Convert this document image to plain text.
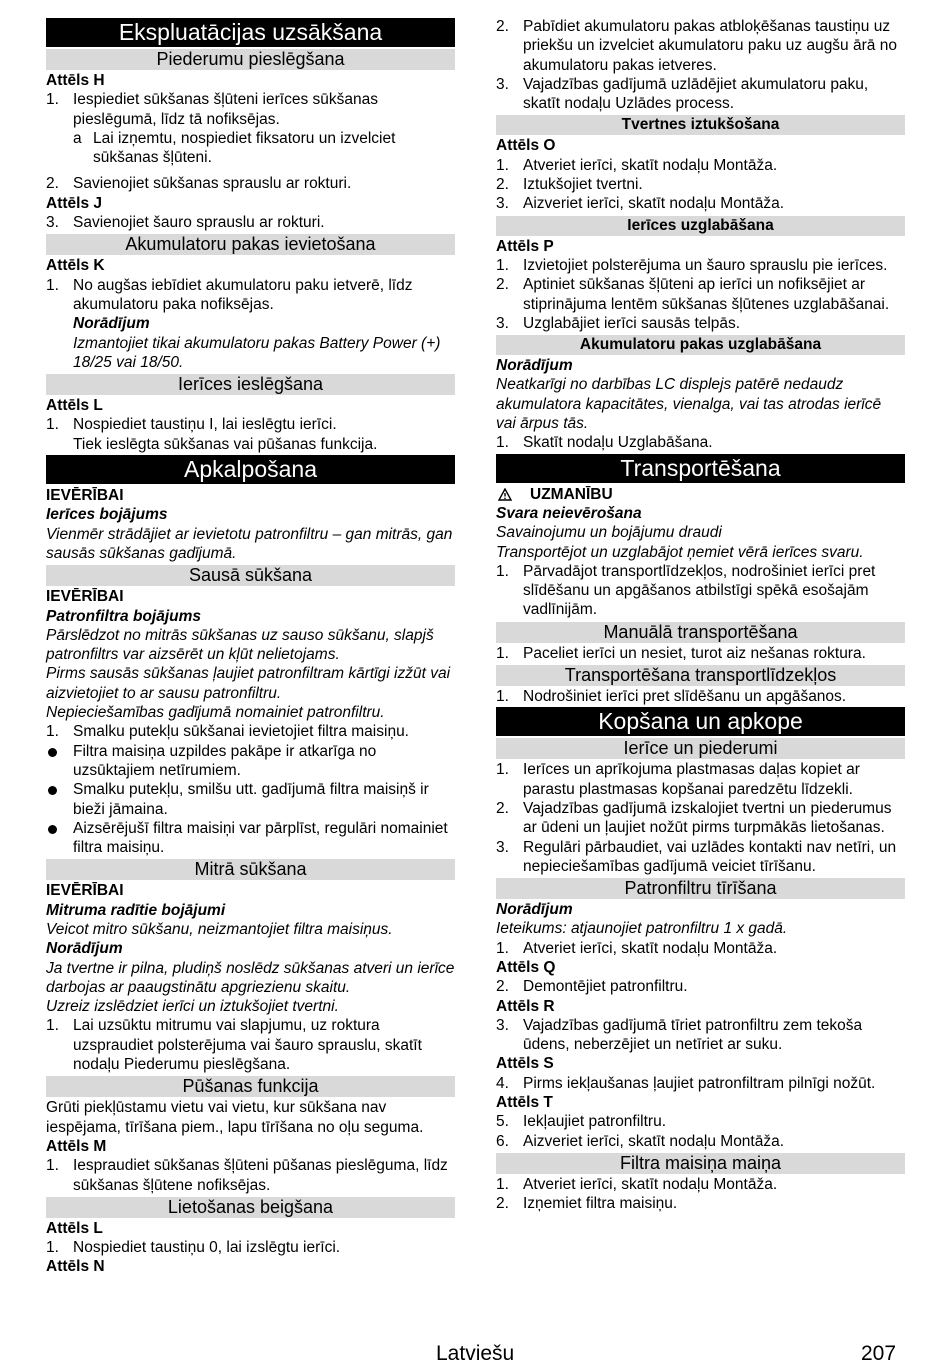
Ekspluatācijas uzsākšana
Piederumu pieslēgšana
Attēls H
1. Iespiediet sūkšanas šļūteni ierīces sūkšanas pieslēgumā, līdz tā nofiksējas.
a Lai izņemtu, nospiediet fiksatoru un izvelciet sūkšanas šļūteni.
2. Savienojiet sūkšanas sprauslu ar rokturi.
Attēls J
3. Savienojiet šauro sprauslu ar rokturi.
Akumulatoru pakas ievietošana
Attēls K
1. No augšas iebīdiet akumulatoru paku ietverē, līdz akumulatoru paka nofiksējas.
Norādījum
Izmantojiet tikai akumulatoru pakas Battery Power (+) 18/25 vai 18/50.
Ierīces ieslēgšana
Attēls L
1. Nospiediet taustiņu I, lai ieslēgtu ierīci.
Tiek ieslēgta sūkšanas vai pūšanas funkcija.
Apkalpošana
IEVĒRĪBAI
Ierīces bojājums
Vienmēr strādājiet ar ievietotu patronfiltru – gan mitrās, gan sausās sūkšanas gadījumā.
Sausā sūkšana
IEVĒRĪBAI
Patronfiltra bojājums
Pārslēdzot no mitrās sūkšanas uz sauso sūkšanu, slapjš patronfiltrs var aizsērēt un kļūt nelietojams.
Pirms sausās sūkšanas ļaujiet patronfiltram kārtīgi izžūt vai aizvietojiet to ar sausu patronfiltru.
Nepieciešamības gadījumā nomainiet patronfiltru.
1. Smalku putekļu sūkšanai ievietojiet filtra maisiņu.
Filtra maisiņa uzpildes pakāpe ir atkarīga no uzsūktajiem netīrumiem.
Smalku putekļu, smilšu utt. gadījumā filtra maisiņš ir bieži jāmaina.
Aizsērējušī filtra maisiņi var pārplīst, regulāri nomainiet filtra maisiņu.
Mitrā sūkšana
IEVĒRĪBAI
Mitruma radītie bojājumi
Veicot mitro sūkšanu, neizmantojiet filtra maisiņus.
Norādījum
Ja tvertne ir pilna, pludiņš noslēdz sūkšanas atveri un ierīce darbojas ar paaugstinātu apgriezienu skaitu.
Uzreiz izslēdziet ierīci un iztukšojiet tvertni.
1. Lai uzsūktu mitrumu vai slapjumu, uz roktura uzspraudiet polsterējuma vai šauro sprauslu, skatīt nodaļu Piederumu pieslēgšana.
Pūšanas funkcija
Grūti piekļūstamu vietu vai vietu, kur sūkšana nav iespējama, tīrīšana piem., lapu tīrīšana no oļu seguma.
Attēls M
1. Iespraudiet sūkšanas šļūteni pūšanas pieslēguma, līdz sūkšanas šļūtene nofiksējas.
Lietošanas beigšana
Attēls L
1. Nospiediet taustiņu 0, lai izslēgtu ierīci.
Attēls N
2. Pabīdiet akumulatoru pakas atbloķēšanas taustiņu uz priekšu un izvelciet akumulatoru paku uz augšu ārā no akumulatoru pakas ietveres.
3. Vajadzības gadījumā uzlādējiet akumulatoru paku, skatīt nodaļu Uzlādes process.
Tvertnes iztukšošana
Attēls O
1. Atveriet ierīci, skatīt nodaļu Montāža.
2. Iztukšojiet tvertni.
3. Aizveriet ierīci, skatīt nodaļu Montāža.
Ierīces uzglabāšana
Attēls P
1. Izvietojiet polsterējuma un šauro sprauslu pie ierīces.
2. Aptiniet sūkšanas šļūteni ap ierīci un nofiksējiet ar stiprinājuma lentēm sūkšanas šļūtenes uzglabāšanai.
3. Uzglabājiet ierīci sausās telpās.
Akumulatoru pakas uzglabāšana
Norādījum
Neatkarīgi no darbības LC displejs patērē nedaudz akumulatora kapacitātes, vienalga, vai tas atrodas ierīcē vai ārpus tās.
1. Skatīt nodaļu Uzglabāšana.
Transportēšana
UZMANĪBU
Svara neievērošana
Savainojumu un bojājumu draudi
Transportējot un uzglabājot ņemiet vērā ierīces svaru.
1. Pārvadājot transportlīdzekļos, nodrošiniet ierīci pret slīdēšanu un apgāšanos atbilstīgi spēkā esošajām vadlīnijām.
Manuālā transportēšana
1. Paceliet ierīci un nesiet, turot aiz nešanas roktura.
Transportēšana transportlīdzekļos
1. Nodrošiniet ierīci pret slīdēšanu un apgāšanos.
Kopšana un apkope
Ierīce un piederumi
1. Ierīces un aprīkojuma plastmasas daļas kopiet ar parastu plastmasas kopšanai paredzētu līdzekli.
2. Vajadzības gadījumā izskalojiet tvertni un piederumus ar ūdeni un ļaujiet nožūt pirms turpmākās lietošanas.
3. Regulāri pārbaudiet, vai uzlādes kontakti nav netīri, un nepieciešamības gadījumā veiciet tīrīšanu.
Patronfiltru tīrīšana
Norādījum
Ieteikums: atjaunojiet patronfiltru 1 x gadā.
1. Atveriet ierīci, skatīt nodaļu Montāža.
Attēls Q
2. Demontējiet patronfiltru.
Attēls R
3. Vajadzības gadījumā tīriet patronfiltru zem tekoša ūdens, neberzējiet un netīriet ar suku.
Attēls S
4. Pirms iekļaušanas ļaujiet patronfiltram pilnīgi nožūt.
Attēls T
5. Iekļaujiet patronfiltru.
6. Aizveriet ierīci, skatīt nodaļu Montāža.
Filtra maisiņa maiņa
1. Atveriet ierīci, skatīt nodaļu Montāža.
2. Izņemiet filtra maisiņu.
Latviešu	207
